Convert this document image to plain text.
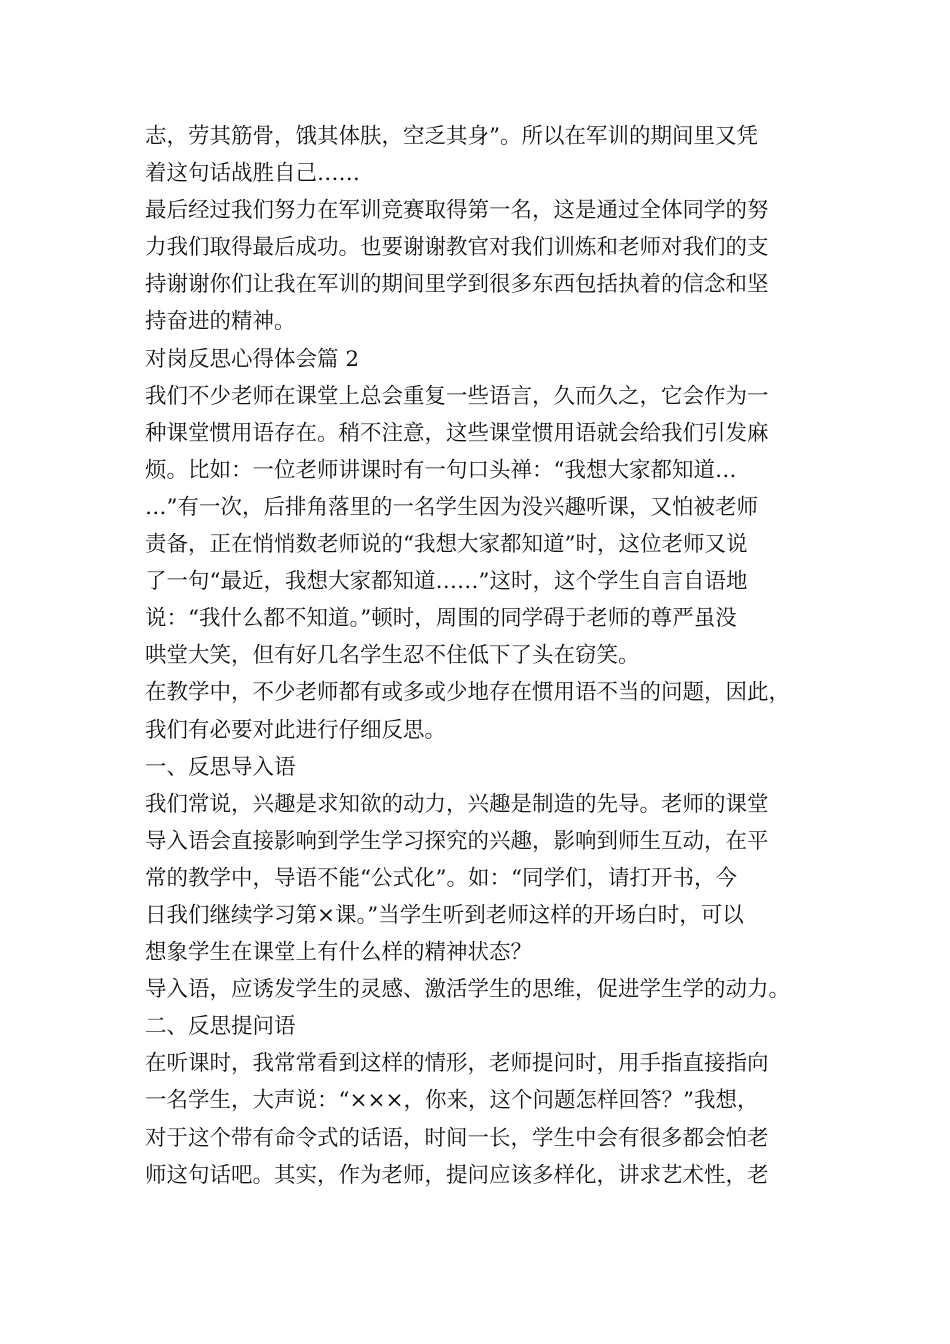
志，劳其筋骨，饿其体肤，空乏其身”。所以在军训的期间里又凭
着这句话战胜自己……
最后经过我们努力在军训竞赛取得第一名，这是通过全体同学的努
力我们取得最后成功。也要谢谢教官对我们训炼和老师对我们的支
持谢谢你们让我在军训的期间里学到很多东西包括执着的信念和坚
持奋进的精神。
对岗反思心得体会篇 2
我们不少老师在课堂上总会重复一些语言，久而久之，它会作为一
种课堂惯用语存在。稍不注意，这些课堂惯用语就会给我们引发麻
烦。比如：一位老师讲课时有一句口头禅：“我想大家都知道…
…”有一次，后排角落里的一名学生因为没兴趣听课，又怕被老师
责备，正在悄悄数老师说的“我想大家都知道”时，这位老师又说
了一句“最近，我想大家都知道……”这时，这个学生自言自语地
说：“我什么都不知道。”顿时，周围的同学碍于老师的尊严虽没
哄堂大笑，但有好几名学生忍不住低下了头在窃笑。
在教学中，不少老师都有或多或少地存在惯用语不当的问题，因此，
我们有必要对此进行仔细反思。
一、反思导入语
我们常说，兴趣是求知欲的动力，兴趣是制造的先导。老师的课堂
导入语会直接影响到学生学习探究的兴趣，影响到师生互动，在平
常的教学中，导语不能“公式化”。如：“同学们，请打开书，今
日我们继续学习第×课。”当学生听到老师这样的开场白时，可以
想象学生在课堂上有什么样的精神状态？
导入语，应诱发学生的灵感、激活学生的思维，促进学生学的动力。
二、反思提问语
在听课时，我常常看到这样的情形，老师提问时，用手指直接指向
一名学生，大声说：“×××，你来，这个问题怎样回答？”我想，
对于这个带有命令式的话语，时间一长，学生中会有很多都会怕老
师这句话吧。其实，作为老师，提问应该多样化，讲求艺术性，老
